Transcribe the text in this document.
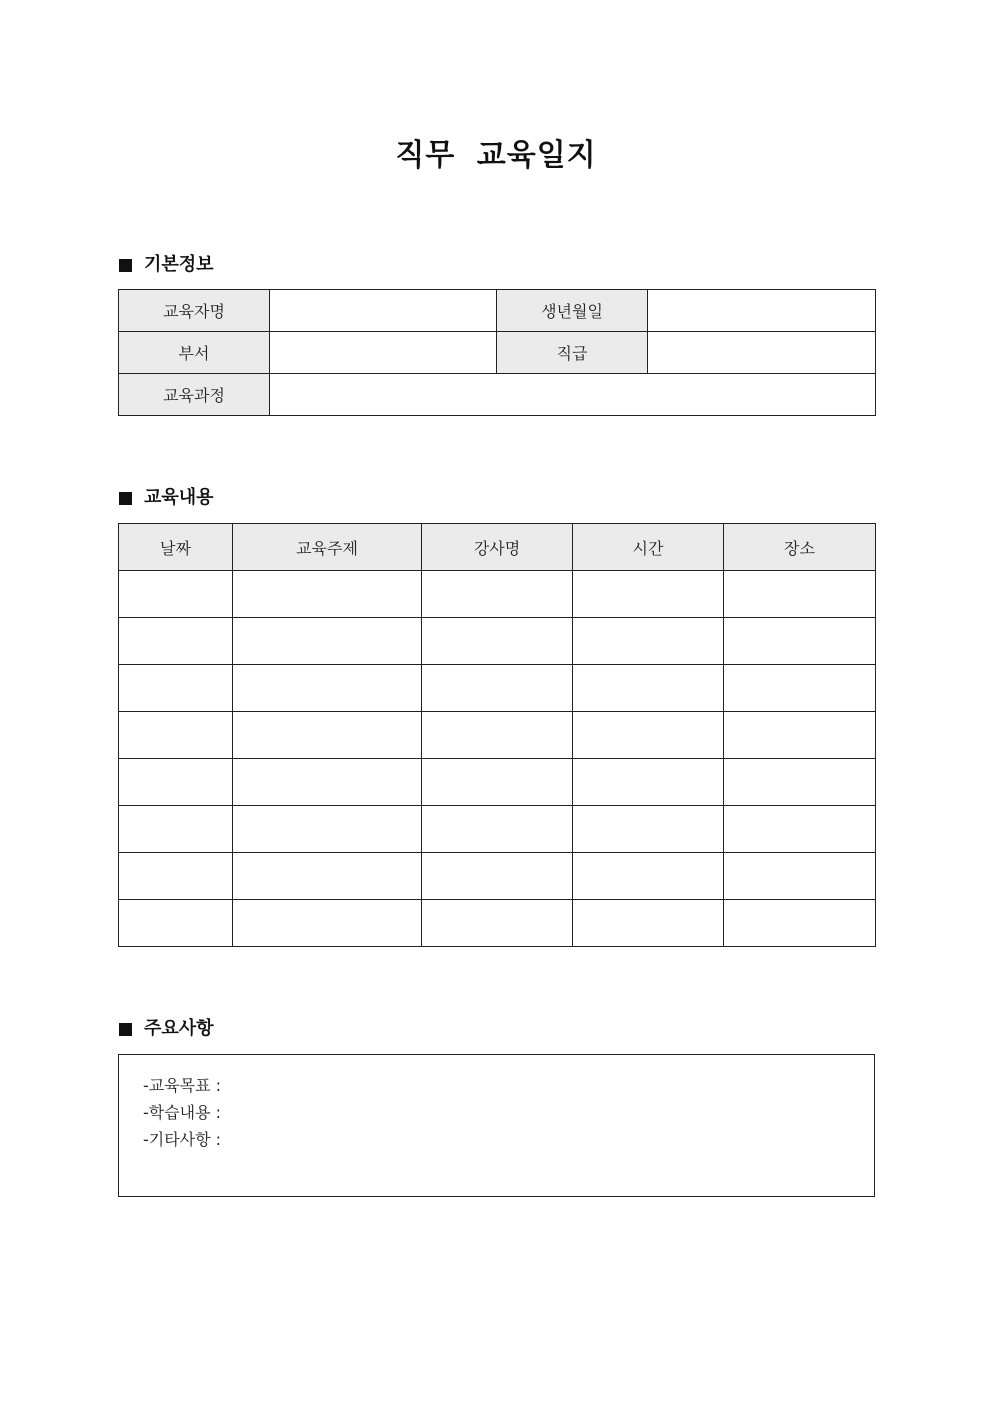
직무 교육일지
기본정보
교육자명		생년월일	
부서		직급	
교육과정			
교육내용
날짜	교육주제	강사명	시간	장소

주요사항
-교육목표 :
-학습내용 :
-기타사항 :
